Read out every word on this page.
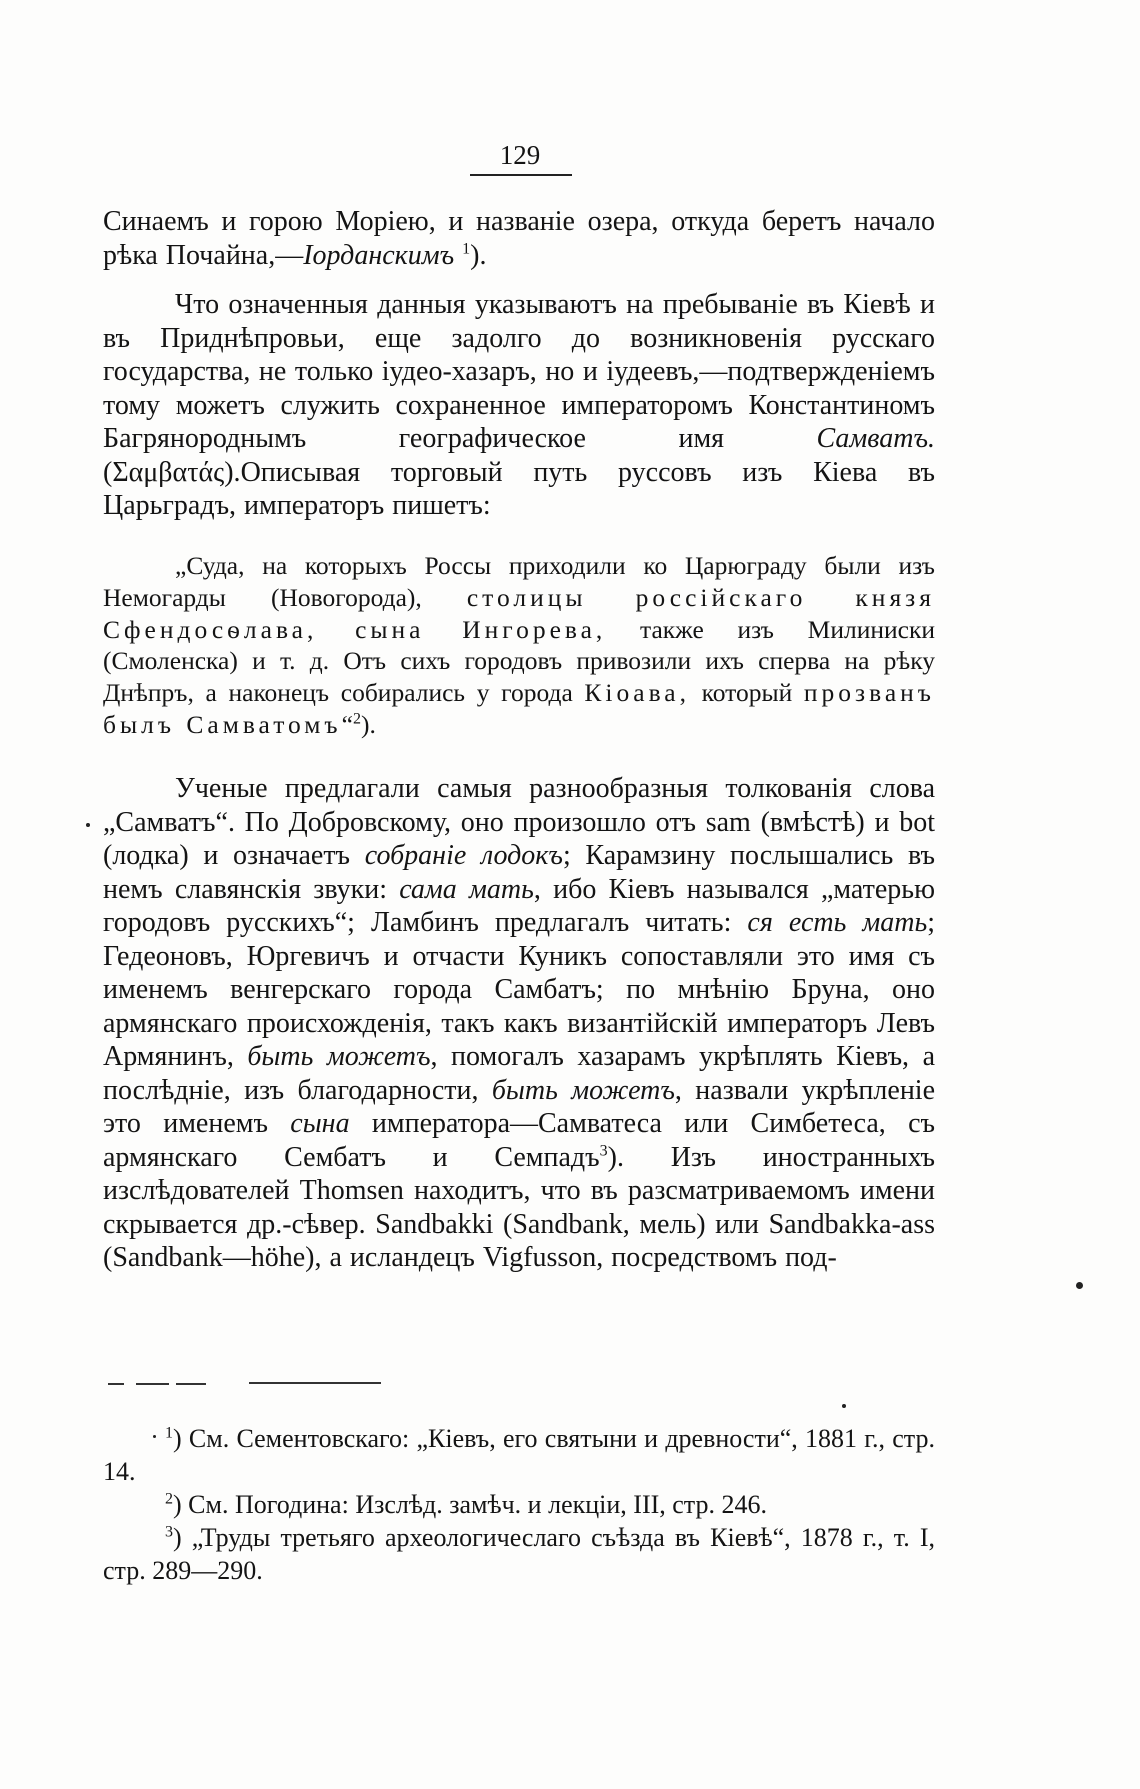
129

Синаемъ и горою Моріею, и названіе озера, откуда беретъ начало рѣка Почайна,—Іорданскимъ $^1$).

Что означенныя данныя указываютъ на пребываніе въ Кіевѣ и въ Приднѣпровьи, еще задолго до возникновенія русскаго государства, не только іудео-хазаръ, но и іудеевъ,—подтвержденіемъ тому можетъ служить сохраненное императоромъ Константиномъ Багрянороднымъ географическое имя Самватъ. (Σαμβατάς).Описывая торговый путь руссовъ изъ Кіева въ Царьградъ, императоръ пишетъ:

„Суда, на которыхъ Россы приходили ко Царюграду были изъ Немогарды (Новогорода), столицы россійскаго князя Сфендосѳлава, сына Ингорева, также изъ Милиниски (Смоленска) и т. д. Отъ сихъ городовъ привозили ихъ сперва на рѣку Днѣпръ, а наконецъ собирались у города Кіоава, который прозванъ былъ Самватомъ“$^2$).

Ученые предлагали самыя разнообразныя толкованія слова „Самватъ“. По Добровскому, оно произошло отъ sam (вмѣстѣ) и bot (лодка) и означаетъ собраніе лодокъ; Карамзину послышались въ немъ славянскія звуки: сама мать, ибо Кіевъ назывался „матерью городовъ русскихъ“; Ламбинъ предлагалъ читать: ся есть мать; Гедеоновъ, Юргевичъ и отчасти Куникъ сопоставляли это имя съ именемъ венгерскаго города Самбатъ; по мнѣнію Бруна, оно армянскаго происхожденія, такъ какъ византійскій императоръ Левъ Армянинъ, быть можетъ, помогалъ хазарамъ укрѣплять Кіевъ, а послѣдніе, изъ благодарности, быть можетъ, назвали укрѣпленіе это именемъ сына императора—Самватеса или Симбетеса, съ армянскаго Сембатъ и Семпадъ$^3$). Изъ иностранныхъ изслѣдователей Thomsen находитъ, что въ разсматриваемомъ имени скрывается др.-сѣвер. Sandbakki (Sandbank, мель) или Sandbakka-ass (Sandbank—höhe), а исландецъ Vigfusson, посредствомъ под-

$^1$) См. Сементовскаго: „Кіевъ, его святыни и древности“, 1881 г., стр. 14.

$^2$) См. Погодина: Изслѣд. замѣч. и лекціи, III, стр. 246.

$^3$) „Труды третьяго археологичеслаго съѣзда въ Кіевѣ“, 1878 г., т. I, стр. 289—290.
